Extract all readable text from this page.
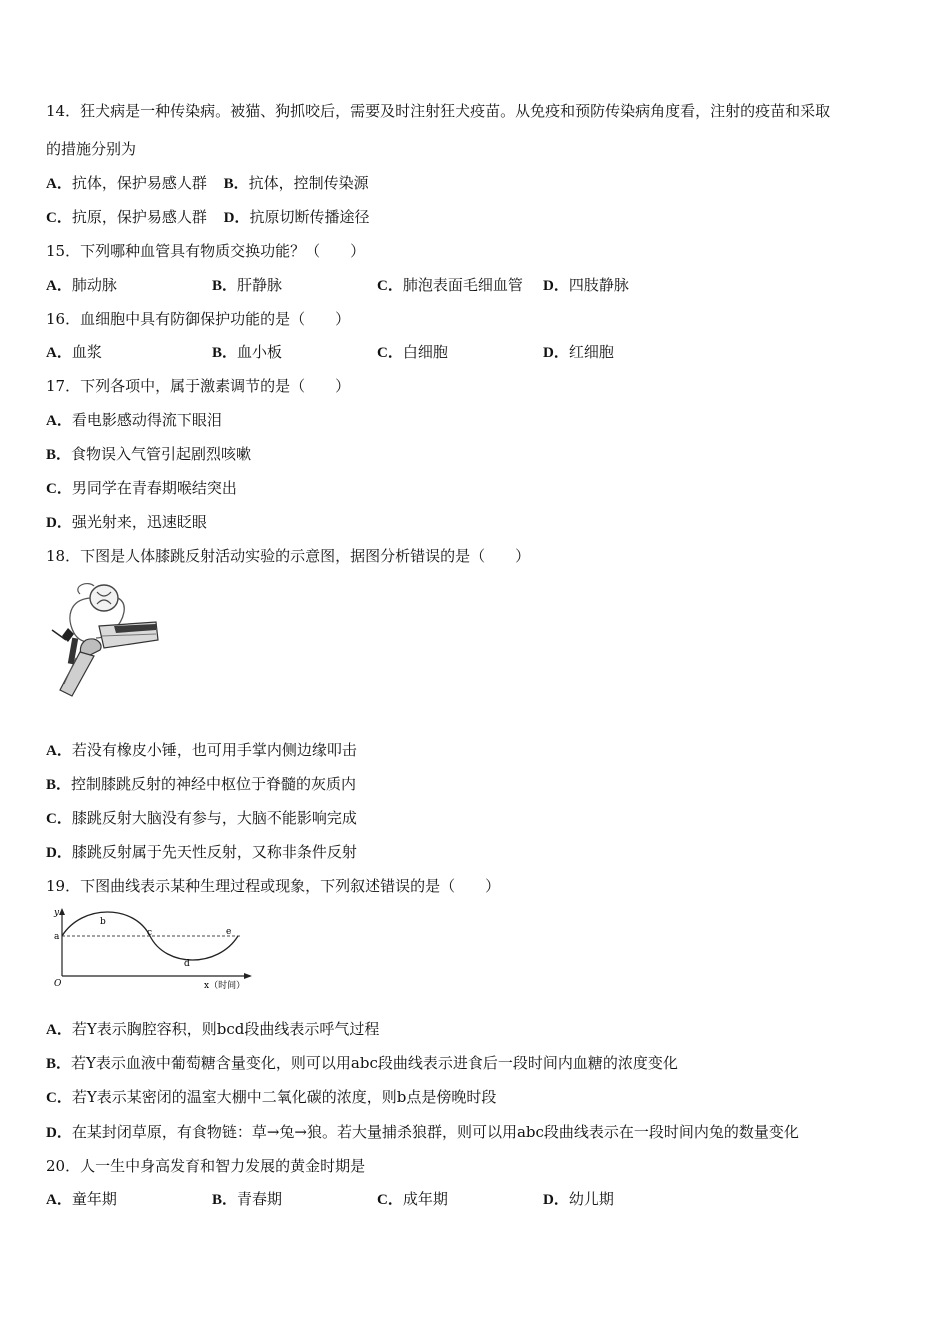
14．狂犬病是一种传染病。被猫、狗抓咬后，需要及时注射狂犬疫苗。从免疫和预防传染病角度看，注射的疫苗和采取
的措施分别为
A．抗体，保护易感人群 B．抗体，控制传染源
C．抗原，保护易感人群 D．抗原切断传播途径
15．下列哪种血管具有物质交换功能？（　　）
A．肺动脉	B．肝静脉	C．肺泡表面毛细血管 D．四肢静脉
16．血细胞中具有防御保护功能的是（　　）
A．血浆	B．血小板	C．白细胞	D．红细胞
17．下列各项中，属于激素调节的是（　　）
A．看电影感动得流下眼泪
B．食物误入气管引起剧烈咳嗽
C．男同学在青春期喉结突出
D．强光射来，迅速眨眼
18．下图是人体膝跳反射活动实验的示意图，据图分析错误的是（　　）
A．若没有橡皮小锤，也可用手掌内侧边缘叩击
B．控制膝跳反射的神经中枢位于脊髓的灰质内
C．膝跳反射大脑没有参与，大脑不能影响完成
D．膝跳反射属于先天性反射，又称非条件反射
19．下图曲线表示某种生理过程或现象，下列叙述错误的是（　　）
y
a
b
c
d
e
O	x（时间）
A．若Y表示胸腔容积，则bcd段曲线表示呼气过程
B．若Y表示血液中葡萄糖含量变化，则可以用abc段曲线表示进食后一段时间内血糖的浓度变化
C．若Y表示某密闭的温室大棚中二氧化碳的浓度，则b点是傍晚时段
D．在某封闭草原，有食物链：草→兔→狼。若大量捕杀狼群，则可以用abc段曲线表示在一段时间内兔的数量变化
20．人一生中身高发育和智力发展的黄金时期是
A．童年期	B．青春期	C．成年期	D．幼儿期
